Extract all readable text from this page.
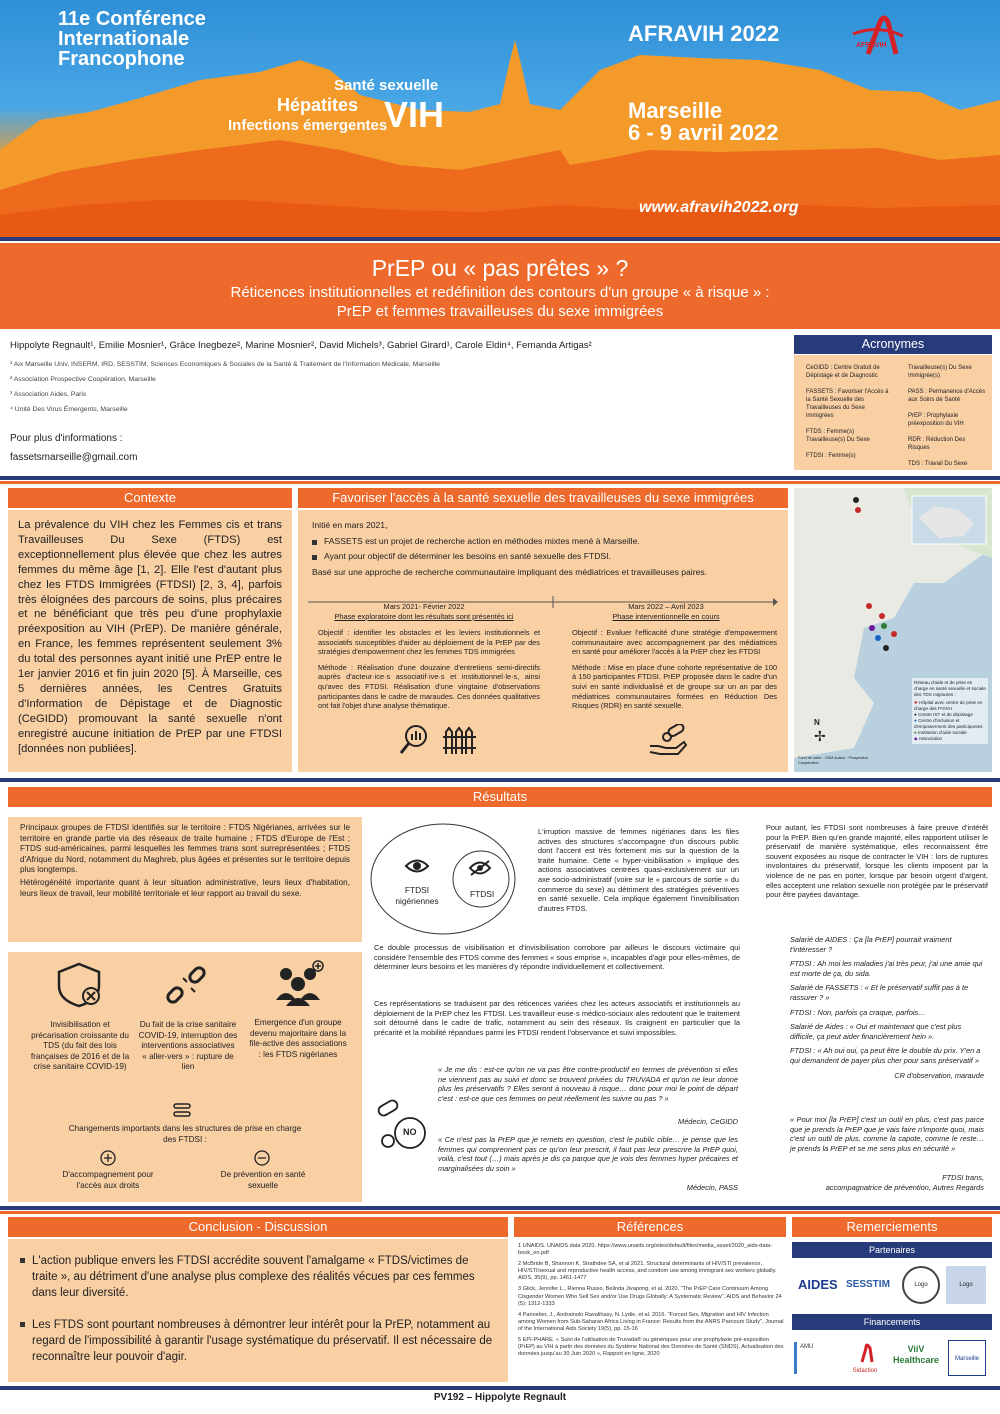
11e Conférence
Internationale
Francophone
AFRAVIH 2022	AFRAVIH
Santé sexuelle
Hépatites
Infections émergentes
VIH	Marseille
6 - 9 avril 2022
www.afravih2022.org
PrEP ou « pas prêtes » ?
Réticences institutionnelles et redéfinition des contours d'un groupe « à risque » :
PrEP et femmes travailleuses du sexe immigrées
Hippolyte Regnault¹, Emilie Mosnier¹, Grâce Inegbeze², Marine Mosnier², David Michels³, Gabriel Girard¹, Carole Eldin⁴, Fernanda Artigas²
¹ Aix Marseille Univ, INSERM, IRD, SESSTIM, Sciences Economiques & Sociales de la Santé & Traitement de l'Information Médicale, Marseille
² Association Prospective Coopération, Marseille
³ Association Aides, Paris
⁴ Unité Des Virus Émergents, Marseille
Pour plus d'informations :
fassetsmarseille@gmail.com
Acronymes
CeGIDD : Centre Gratuit de Dépistage et de Diagnostic
FASSETS : Favoriser l'Accès à la Santé Sexuelle des Travailleuses du Sexe immigrées
FTDS : Femme(s) Travailleuse(s) Du Sexe
FTDSI : Femme(s)
Travailleuse(s) Du Sexe Immigrée(s)
PASS : Permanence d'Accès aux Soins de Santé
PrEP : Prophylaxie préexposition du VIH
RDR : Réduction Des Risques
TDS : Travail Du Sexe
Contexte
La prévalence du VIH chez les Femmes cis et trans Travailleuses Du Sexe (FTDS) est exceptionnellement plus élevée que chez les autres femmes du même âge [1, 2]. Elle l'est d'autant plus chez les FTDS Immigrées (FTDSI) [2, 3, 4], parfois très éloignées des parcours de soins, plus précaires et ne bénéficiant que très peu d'une prophylaxie préexposition au VIH (PrEP). De manière générale, en France, les femmes représentent seulement 3% du total des personnes ayant initié une PrEP entre le 1er janvier 2016 et fin juin 2020 [5]. À Marseille, ces 5 dernières années, les Centres Gratuits d'Information de Dépistage et de Diagnostic (CeGIDD) promouvant la santé sexuelle n'ont enregistré aucune initiation de PrEP par une FTDSI [données non publiées].
Favoriser l'accès à la santé sexuelle des travailleuses du sexe immigrées
Initié en mars 2021,
FASSETS est un projet de recherche action en méthodes mixtes mené à Marseille.
Ayant pour objectif de déterminer les besoins en santé sexuelle des FTDSI.
Basé sur une approche de recherche communautaire impliquant des médiatrices et travailleuses paires.
Mars 2021- Février 2022
Phase exploratoire dont les résultats sont présentés ici
Objectif : identifier les obstacles et les leviers institutionnels et associatifs susceptibles d'aider au déploiement de la PrEP par des stratégies d'empowerment chez les femmes TDS immigrées
Méthode : Réalisation d'une douzaine d'entretiens semi-directifs auprès d'acteur·ice·s associatif·ive·s et institutionnel·le·s, ainsi qu'avec des FTDSI. Réalisation d'une vingtaine d'observations participantes dans le cadre de maraudes. Ces données qualitatives ont fait l'objet d'une analyse thématique.
Mars 2022 – Avril 2023
Phase interventionnelle en cours
Objectif : Evaluer l'efficacité d'une stratégie d'empowerment communautaire avec accompagnement par des médiatrices en santé pour améliorer l'accès à la PrEP chez les FTDSI
Méthode : Mise en place d'une cohorte représentative de 100 à 150 participantes FTDSI. PrEP proposée dans le cadre d'un suivi en santé individualisé et de groupe sur un an par des médiatrices communautaires formées en Réduction Des Risques (RDR) en santé sexuelle.
Réseau d'aide et de prise en charge en santé sexuelle et sociale des TDS migrantes :
✚ Hôpital avec centre de prise en charge des PVVIH
● Centre IST et de dépistage
● Centre d'inclusion et d'empowerment des participantes
● Institution d'aide sociale
◆ Association
N
✢
Fond de carte : OSM Auteur : Prospective Coopération
Résultats
Principaux groupes de FTDSI identifiés sur le territoire : FTDS Nigérianes, arrivées sur le territoire en grande partie via des réseaux de traite humaine ; FTDS d'Europe de l'Est ; FTDS sud-américaines, parmi lesquelles les femmes trans sont surreprésentées ; FTDS d'Afrique du Nord, notamment du Maghreb, plus âgées et présentes sur le territoire depuis plus longtemps.
Hétérogénéité importante quant à leur situation administrative, leurs lieux d'habitation, leurs lieux de travail, leur mobilité territoriale et leur rapport au travail du sexe.
Invisibilisation et précarisation croissante du TDS (du fait des lois françaises de 2016 et de la crise sanitaire COVID-19)
Du fait de la crise sanitaire COVID-19, interruption des interventions associatives « aller-vers » : rupture de lien
Emergence d'un groupe devenu majoritaire dans la file-active des associations : les FTDS nigérianes
Changements importants dans les structures de prise en charge des FTDSI :
D'accompagnement pour l'accès aux droits
De prévention en santé sexuelle
FTDSI nigériennes
FTDSI
L'irruption massive de femmes nigérianes dans les files actives des structures s'accompagne d'un discours public dont l'accent est très fortement mis sur la question de la traite humaine. Cette « hyper-visibilisation » implique des actions associatives centrées quasi-exclusivement sur un axe socio-administratif (voire sur le « parcours de sortie » du commerce du sexe) au détriment des stratégies préventives en santé sexuelle. Cela implique également l'invisibilisation d'autres FTDS.
Ce double processus de visibilisation et d'invisibilisation corrobore par ailleurs le discours victimaire qui considère l'ensemble des FTDS comme des femmes « sous emprise », incapables d'agir pour elles-mêmes, de déterminer leurs besoins et les manières d'y répondre individuellement et collectivement.
Ces représentations se traduisent par des réticences variées chez les acteurs associatifs et institutionnels au déploiement de la PrEP chez les FTDSI. Les travailleur·euse·s médico-sociaux·ales redoutent que le traitement soit détourné dans le cadre de trafic, notamment au sein des réseaux. Ils craignent en particulier que la précarité et la mobilité répandues parmi les FTDSI rendent l'observance et suivi impossibles.
NO
« Je me dis : est-ce qu'on ne va pas être contre-productif en termes de prévention si elles ne viennent pas au suivi et donc se trouvent privées du TRUVADA et qu'on ne leur donne plus les préservatifs ? Elles seront à nouveau à risque… donc pour moi le point de départ c'est : est-ce que ces femmes on peut réellement les suivre ou pas ? »
Médecin, CeGIDD
« Ce n'est pas la PrEP que je remets en question, c'est le public cible… je pense que les femmes qui comprennent pas ce qu'on leur prescrit, il faut pas leur prescrire la PrEP quoi, voilà, c'est tout (…) mais après je dis ça parque que je vois des femmes hyper précaires et marginalisées du soin »
Médecin, PASS
Pour autant, les FTDSI sont nombreuses à faire preuve d'intérêt pour la PrEP. Bien qu'en grande majorité, elles rapportent utiliser le préservatif de manière systématique, elles reconnaissent être souvent exposées au risque de contracter le VIH : lors de ruptures involontaires du préservatif, lorsque les clients imposent par la violence de ne pas en porter, lorsque par besoin urgent d'argent, elles acceptent une relation sexuelle non protégée par le préservatif pour être payées davantage.
Salarié de AIDES : Ça [la PrEP] pourrait vraiment t'intéresser ?
FTDSI : Ah moi les maladies j'ai très peur, j'ai une amie qui est morte de ça, du sida.
Salarié de FASSETS : « Et le préservatif suffit pas à te rassurer ? »
FTDSI : Non, parfois ça craque, parfois…
Salarié de Aides : « Oui et maintenant que c'est plus difficile, ça peut aider financièrement hein ».
FTDSI : « Ah oui oui, ça peut être le double du prix. Y'en a qui demandent de payer plus cher pour sans préservatif »
CR d'observation, maraude
« Pour moi [la PrEP] c'est un outil en plus, c'est pas parce que je prends la PrEP que je vais faire n'importe quoi, mais c'est un outil de plus, comme la capote, comme le reste… je prends la PrEP et se me sens plus en sécurité »
FTDSI trans,
accompagnatrice de prévention, Autres Regards
Conclusion - Discussion
L'action publique envers les FTDSI accrédite souvent l'amalgame « FTDS/victimes de traite », au détriment d'une analyse plus complexe des réalités vécues par ces femmes dans leur diversité.
Les FTDS sont pourtant nombreuses à démontrer leur intérêt pour la PrEP, notamment au regard de l'impossibilité à garantir l'usage systématique du préservatif. Il est nécessaire de reconnaître leur pouvoir d'agir.
Références
1 UNAIDS. UNAIDS data 2020. https://www.unaids.org/sites/default/files/media_asset/2020_aids-data-book_en.pdf
2 McBride B, Shannon K, Strathdee SA, et al 2021. Structural determinants of HIV/STI prevalence, HIV/STI/sexual and reproductive health access, and condom use among immigrant sex workers globally. AIDS, 35(9), pp. 1461-1477
3 Glick, Jennifer L., Rienna Russo, Belinda Jivapong, et al. 2020. "The PrEP Care Continuum Among Cisgender Women Who Sell Sex and/or Use Drugs Globally: A Systematic Review". AIDS and Behavior 24 (5): 1312-1333
4 Pannetier, J., Andrainolo Ravalihasy, N. Lydie, et al. 2016. "Forced Sex, Migration and HIV Infection among Women from Sub-Saharan Africa Living in France: Results from the ANRS Parcours Study", Journal of the International Aids Society 19(5), pp. 15-16
5 EPI-PHARE. « Suivi de l'utilisation de Truvada® ou génériques pour une prophylaxie pré-exposition (PrEP) au VIH à partir des données du Système National des Données de Santé (SNDS). Actualisation des données jusqu'au 30 Juin 2020 », Rapport en ligne, 2020
Remerciements
Partenaires
AIDES SESSTIM	Logo	Logo
Financements
AMU
Sidaction
ViiV Healthcare	Marseille
PV192 – Hippolyte Regnault
